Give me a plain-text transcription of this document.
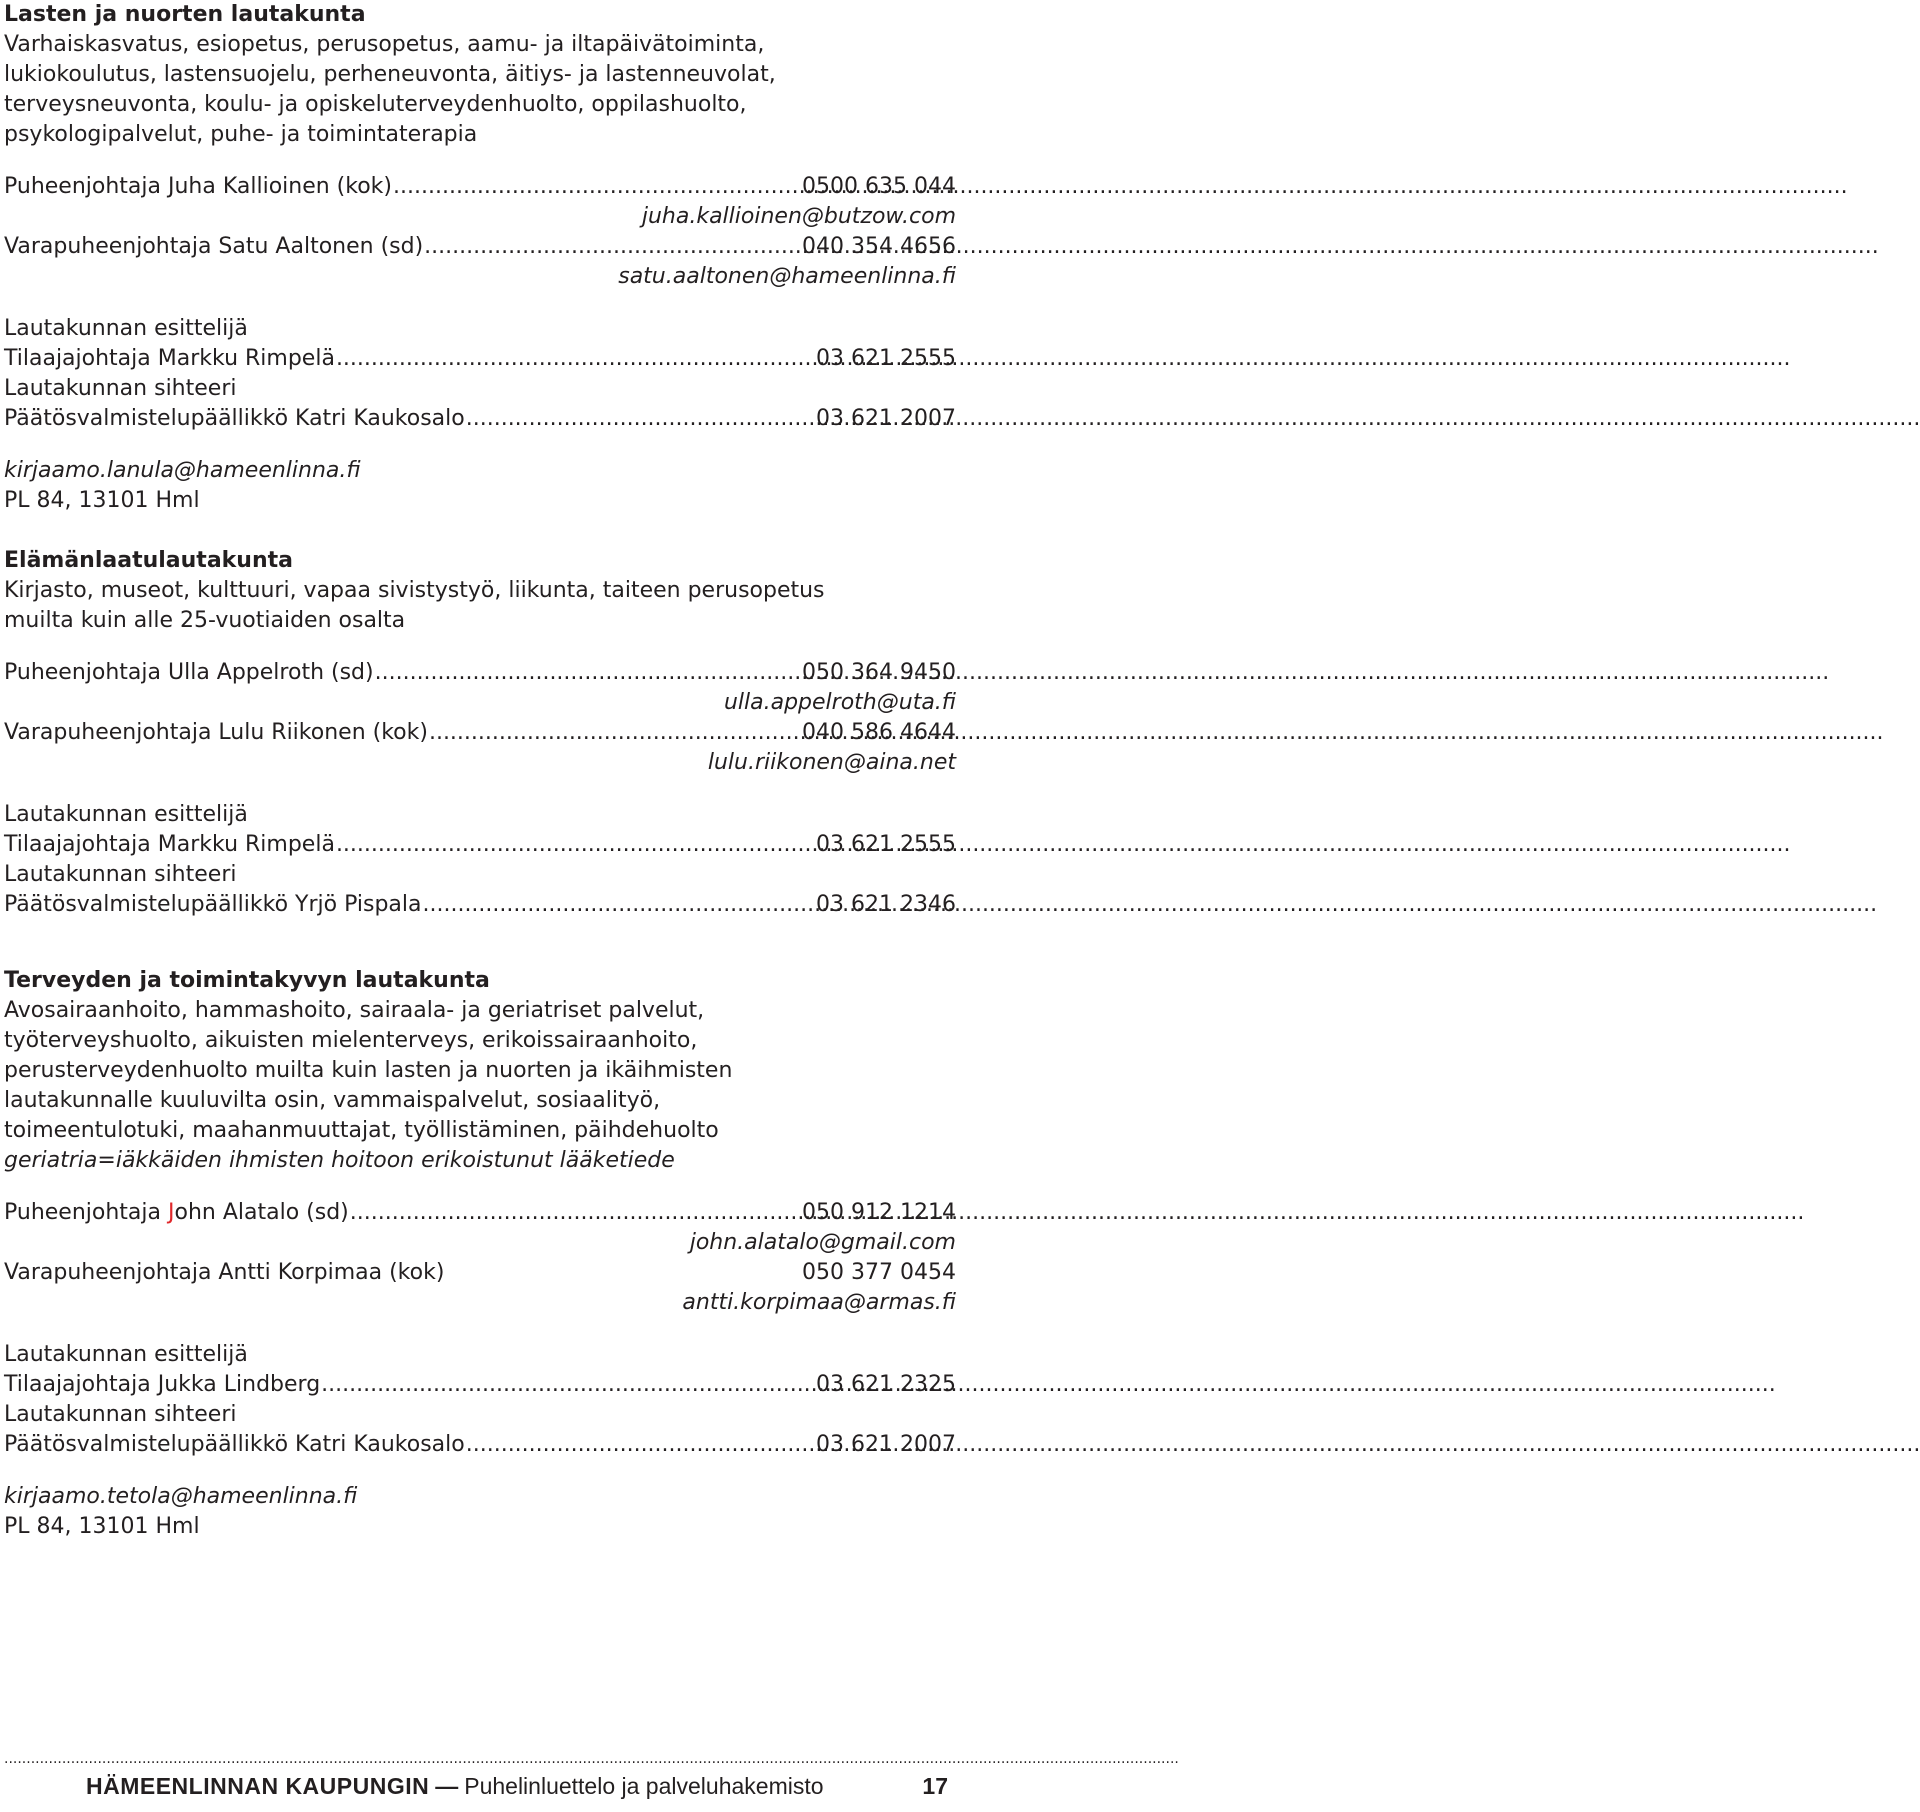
Lasten ja nuorten lautakunta
Varhaiskasvatus, esiopetus, perusopetus, aamu- ja iltapäivätoiminta,
lukiokoulutus, lastensuojelu, perheneuvonta, äitiys- ja lastenneuvolat,
terveysneuvonta, koulu- ja opiskeluterveydenhuolto, oppilashuolto,
psykologipalvelut, puhe- ja toimintaterapia
Puheenjohtaja Juha Kallioinen (kok) .....	0500 635 044
juha.kallioinen@butzow.com
Varapuheenjohtaja Satu Aaltonen (sd) .....	040 354 4656
satu.aaltonen@hameenlinna.fi
Lautakunnan esittelijä
Tilaajajohtaja Markku Rimpelä .....	03 621 2555
Lautakunnan sihteeri
Päätösvalmistelupäällikkö Katri Kaukosalo .....	03 621 2007
kirjaamo.lanula@hameenlinna.fi
PL 84, 13101 Hml
Elämänlaatulautakunta
Kirjasto, museot, kulttuuri, vapaa sivistystyö, liikunta, taiteen perusopetus
muilta kuin alle 25-vuotiaiden osalta
Puheenjohtaja Ulla Appelroth (sd) .....	050 364 9450
ulla.appelroth@uta.fi
Varapuheenjohtaja Lulu Riikonen (kok) .....	040 586 4644
lulu.riikonen@aina.net
Lautakunnan esittelijä
Tilaajajohtaja Markku Rimpelä .....	03 621 2555
Lautakunnan sihteeri
Päätösvalmistelupäällikkö Yrjö Pispala .....	03 621 2346
Terveyden ja toimintakyvyn lautakunta
Avosairaanhoito, hammashoito, sairaala- ja geriatriset palvelut,
työterveyshuolto, aikuisten mielenterveys, erikoissairaanhoito,
perusterveydenhuolto muilta kuin lasten ja nuorten ja ikäihmisten
lautakunnalle kuuluvilta osin, vammaispalvelut, sosiaalityö,
toimeentulotuki, maahanmuuttajat, työllistäminen, päihdehuolto
geriatria=iäkkäiden ihmisten hoitoon erikoistunut lääketiede
Puheenjohtaja John Alatalo (sd) .....	050 912 1214
john.alatalo@gmail.com
Varapuheenjohtaja Antti Korpimaa (kok)	050 377 0454
antti.korpimaa@armas.fi
Lautakunnan esittelijä
Tilaajajohtaja Jukka Lindberg .....	03 621 2325
Lautakunnan sihteeri
Päätösvalmistelupäällikkö Katri Kaukosalo .....	03 621 2007
kirjaamo.tetola@hameenlinna.fi
PL 84, 13101 Hml
........................................................................................................................................................................................................................................................................
HÄMEENLINNAN KAUPUNGIN — Puhelinluettelo ja palveluhakemisto	17
